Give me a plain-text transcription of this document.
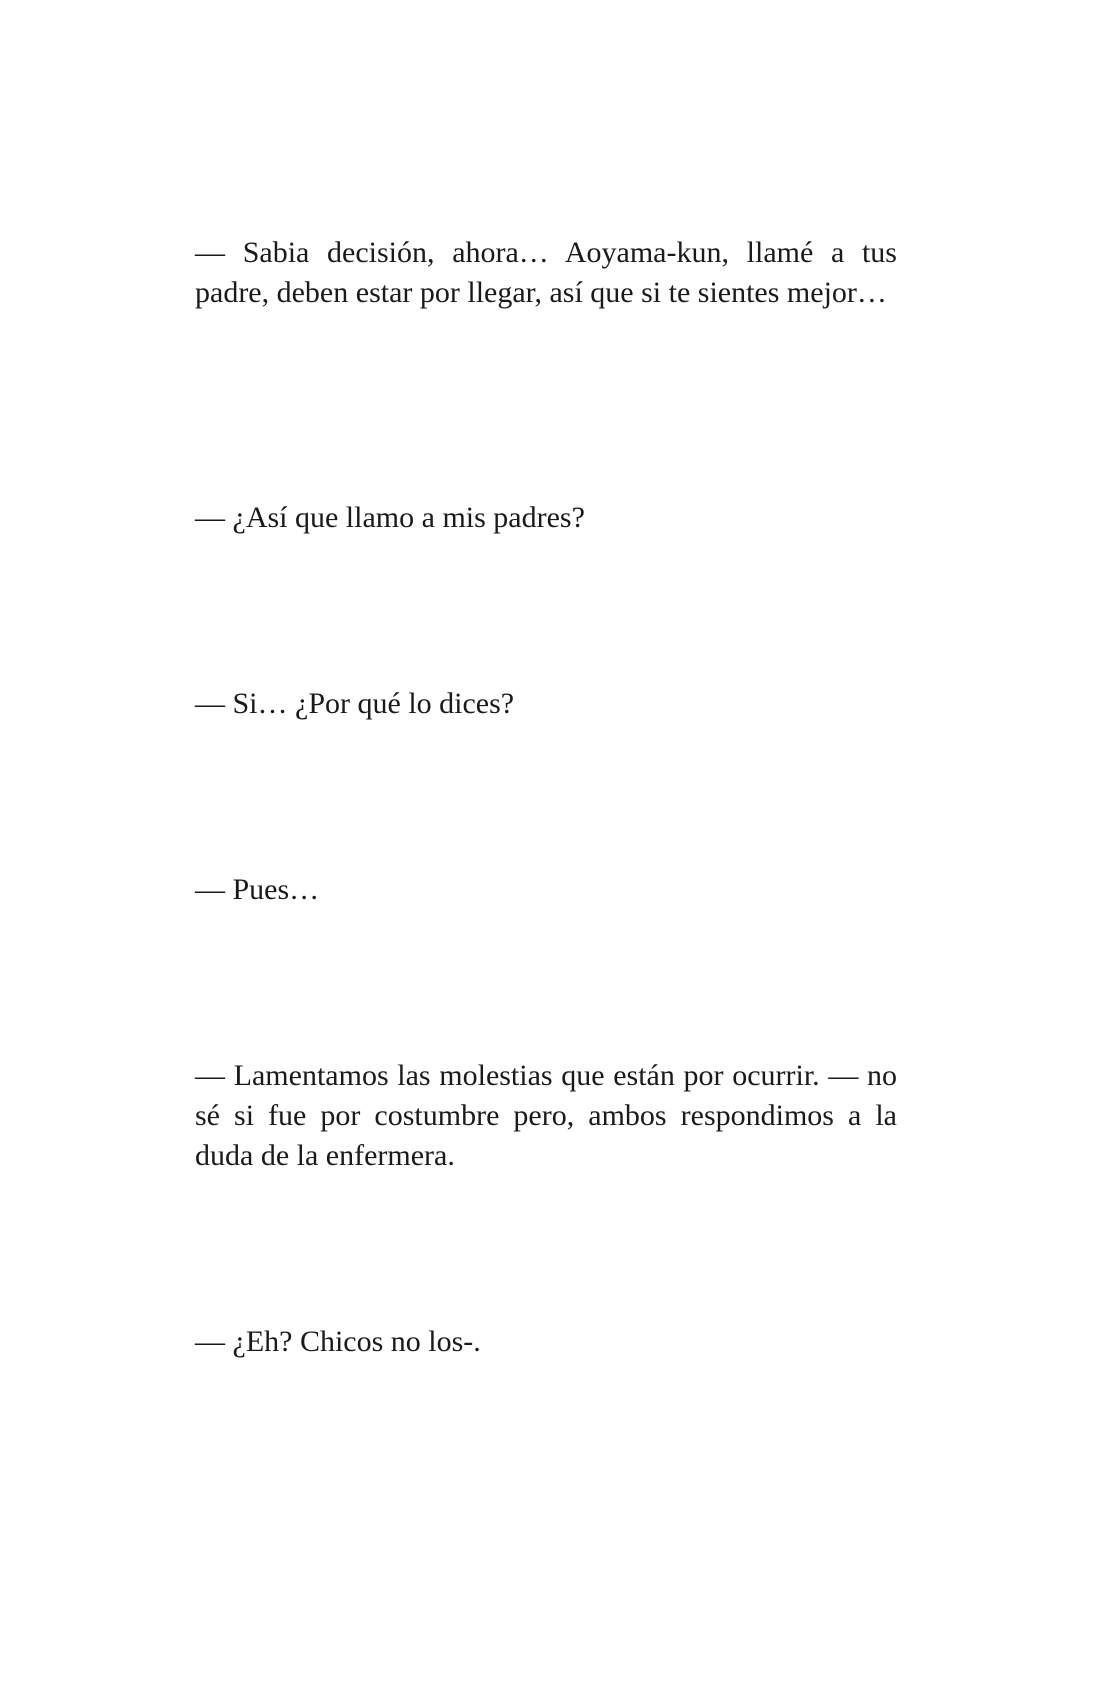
— Sabia decisión, ahora… Aoyama-kun, llamé a tus padre, deben estar por llegar, así que si te sientes mejor…

— ¿Así que llamo a mis padres?

— Si… ¿Por qué lo dices?

— Pues…

— Lamentamos las molestias que están por ocurrir. — no sé si fue por costumbre pero, ambos respondimos a la duda de la enfermera.

— ¿Eh? Chicos no los-.
